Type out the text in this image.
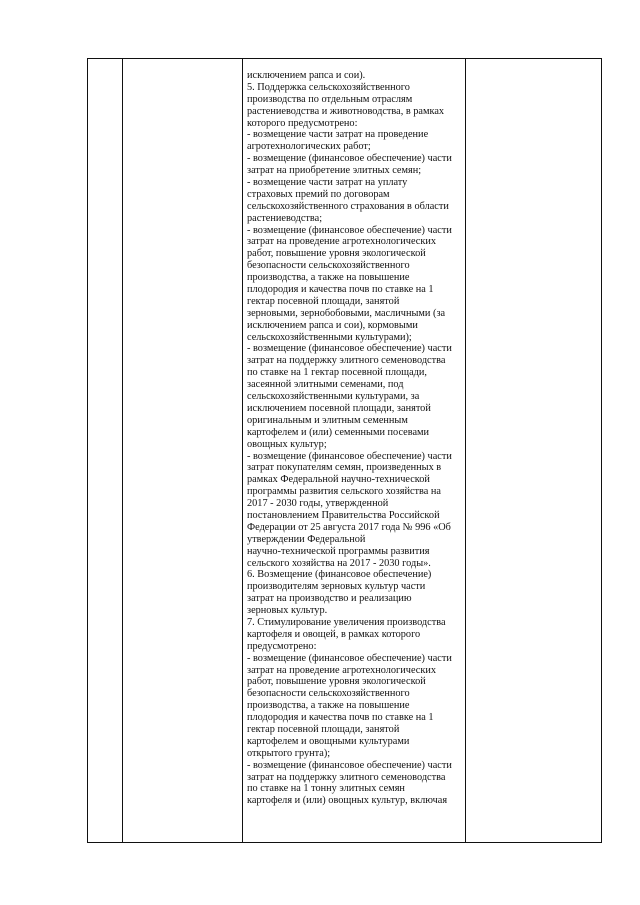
исключением рапса и сои).
5. Поддержка сельскохозяйственного
производства по отдельным отраслям
растениеводства и животноводства, в рамках
которого предусмотрено:
- возмещение части затрат на проведение
агротехнологических работ;
- возмещение (финансовое обеспечение) части
затрат на приобретение элитных семян;
- возмещение части затрат на уплату
страховых премий по договорам
сельскохозяйственного страхования в области
растениеводства;
- возмещение (финансовое обеспечение) части
затрат на проведение агротехнологических
работ, повышение уровня экологической
безопасности сельскохозяйственного
производства, а также на повышение
плодородия и качества почв по ставке на 1
гектар посевной площади, занятой
зерновыми, зернобобовыми, масличными (за
исключением рапса и сои), кормовыми
сельскохозяйственными культурами);
- возмещение (финансовое обеспечение) части
затрат на поддержку элитного семеноводства
по ставке на 1 гектар посевной площади,
засеянной элитными семенами, под
сельскохозяйственными культурами, за
исключением посевной площади, занятой
оригинальным и элитным семенным
картофелем и (или) семенными посевами
овощных культур;
- возмещение (финансовое обеспечение) части
затрат покупателям семян, произведенных в
рамках Федеральной научно-технической
программы развития сельского хозяйства на
2017 - 2030 годы, утвержденной
постановлением Правительства Российской
Федерации от 25 августа 2017 года № 996 «Об
утверждении Федеральной
научно-технической программы развития
сельского хозяйства на 2017 - 2030 годы».
6. Возмещение (финансовое обеспечение)
производителям зерновых культур части
затрат на производство и реализацию
зерновых культур.
7. Стимулирование увеличения производства
картофеля и овощей, в рамках которого
предусмотрено:
- возмещение (финансовое обеспечение) части
затрат на проведение агротехнологических
работ, повышение уровня экологической
безопасности сельскохозяйственного
производства, а также на повышение
плодородия и качества почв по ставке на 1
гектар посевной площади, занятой
картофелем и овощными культурами
открытого грунта);
- возмещение (финансовое обеспечение) части
затрат на поддержку элитного семеноводства
по ставке на 1 тонну элитных семян
картофеля и (или) овощных культур, включая
